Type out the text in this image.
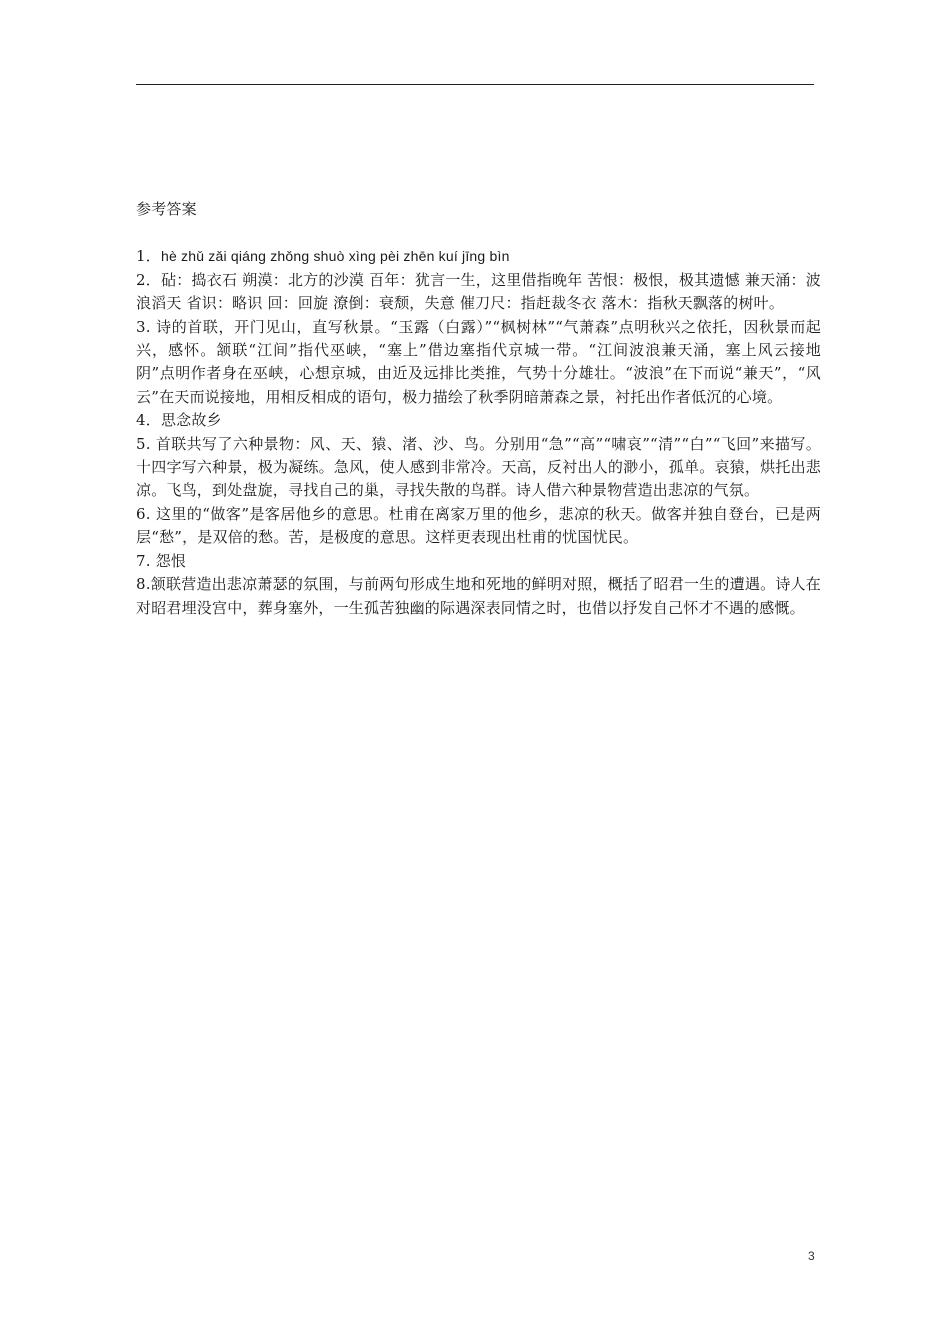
参考答案

1．hè zhǔ zǎi qiáng zhǒng shuò xìng pèi zhēn kuí jīng bìn

2．砧：捣衣石 朔漠：北方的沙漠 百年：犹言一生，这里借指晚年 苦恨：极恨，极其遗憾 兼天涌：波浪滔天 省识：略识 回：回旋 潦倒：衰颓，失意 催刀尺：指赶裁冬衣 落木：指秋天飘落的树叶。

3. 诗的首联，开门见山，直写秋景。“玉露（白露）”“枫树林”“气萧森”点明秋兴之依托，因秋景而起兴，感怀。颔联“江间”指代巫峡，“塞上”借边塞指代京城一带。“江间波浪兼天涌，塞上风云接地阴”点明作者身在巫峡，心想京城，由近及远排比类推，气势十分雄壮。“波浪”在下而说“兼天”，“风云”在天而说接地，用相反相成的语句，极力描绘了秋季阴暗萧森之景，衬托出作者低沉的心境。

4．思念故乡

5. 首联共写了六种景物：风、天、猿、渚、沙、鸟。分别用“急”“高”“啸哀”“清”“白”“飞回”来描写。十四字写六种景，极为凝练。急风，使人感到非常冷。天高，反衬出人的渺小，孤单。哀猿，烘托出悲凉。飞鸟，到处盘旋，寻找自己的巢，寻找失散的鸟群。诗人借六种景物营造出悲凉的气氛。

6. 这里的“做客”是客居他乡的意思。杜甫在离家万里的他乡，悲凉的秋天。做客并独自登台，已是两层“愁”，是双倍的愁。苦，是极度的意思。这样更表现出杜甫的忧国忧民。

7. 怨恨

8.颔联营造出悲凉萧瑟的氛围，与前两句形成生地和死地的鲜明对照，概括了昭君一生的遭遇。诗人在对昭君埋没宫中，葬身塞外，一生孤苦独幽的际遇深表同情之时，也借以抒发自己怀才不遇的感慨。

3
